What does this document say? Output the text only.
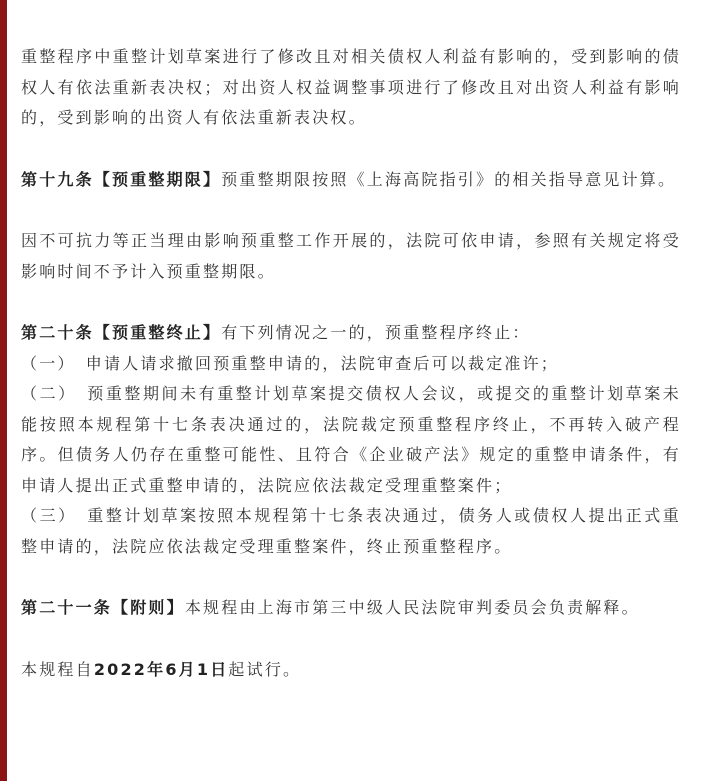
重整程序中重整计划草案进行了修改且对相关债权人利益有影响的，受到影响的债权人有依法重新表决权；对出资人权益调整事项进行了修改且对出资人利益有影响的，受到影响的出资人有依法重新表决权。

第十九条【预重整期限】预重整期限按照《上海高院指引》的相关指导意见计算。

因不可抗力等正当理由影响预重整工作开展的，法院可依申请，参照有关规定将受影响时间不予计入预重整期限。

第二十条【预重整终止】有下列情况之一的，预重整程序终止：

（一）　申请人请求撤回预重整申请的，法院审查后可以裁定准许；

（二）　预重整期间未有重整计划草案提交债权人会议，或提交的重整计划草案未能按照本规程第十七条表决通过的，法院裁定预重整程序终止，不再转入破产程序。但债务人仍存在重整可能性、且符合《企业破产法》规定的重整申请条件，有申请人提出正式重整申请的，法院应依法裁定受理重整案件；

（三）　重整计划草案按照本规程第十七条表决通过，债务人或债权人提出正式重整申请的，法院应依法裁定受理重整案件，终止预重整程序。

第二十一条【附则】本规程由上海市第三中级人民法院审判委员会负责解释。

本规程自2022年6月1日起试行。
